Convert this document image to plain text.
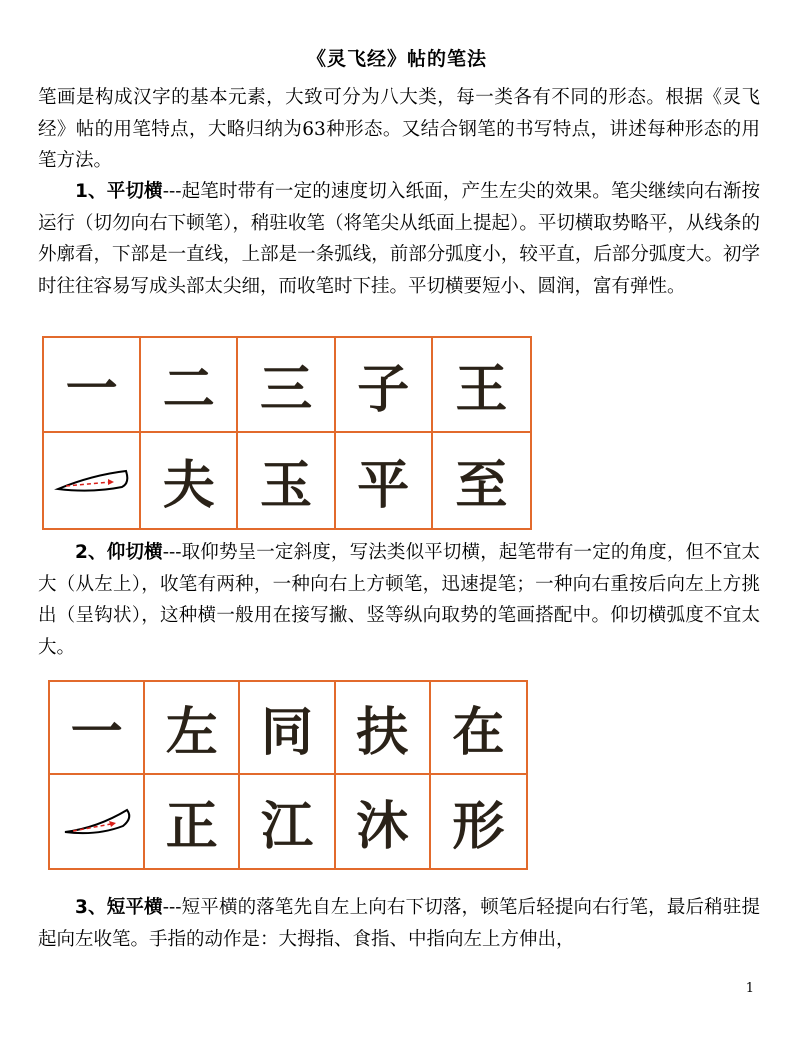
《灵飞经》帖的笔法

笔画是构成汉字的基本元素，大致可分为八大类，每一类各有不同的形态。根据《灵飞经》帖的用笔特点，大略归纳为63种形态。又结合钢笔的书写特点，讲述每种形态的用笔方法。

1、平切横---起笔时带有一定的速度切入纸面，产生左尖的效果。笔尖继续向右渐按运行（切勿向右下顿笔），稍驻收笔（将笔尖从纸面上提起）。平切横取势略平，从线条的外廓看，下部是一直线，上部是一条弧线，前部分弧度小，较平直，后部分弧度大。初学时往往容易写成头部太尖细，而收笔时下挂。平切横要短小、圆润，富有弹性。

一 二 三 子 王
夫 玉 平 至

2、仰切横---取仰势呈一定斜度，写法类似平切横，起笔带有一定的角度，但不宜太大（从左上），收笔有两种，一种向右上方顿笔，迅速提笔；一种向右重按后向左上方挑出（呈钩状），这种横一般用在接写撇、竖等纵向取势的笔画搭配中。仰切横弧度不宜太大。

一 左 同 扶 在
正 江 沐 形

3、短平横---短平横的落笔先自左上向右下切落，顿笔后轻提向右行笔，最后稍驻提起向左收笔。手指的动作是：大拇指、食指、中指向左上方伸出，

1
